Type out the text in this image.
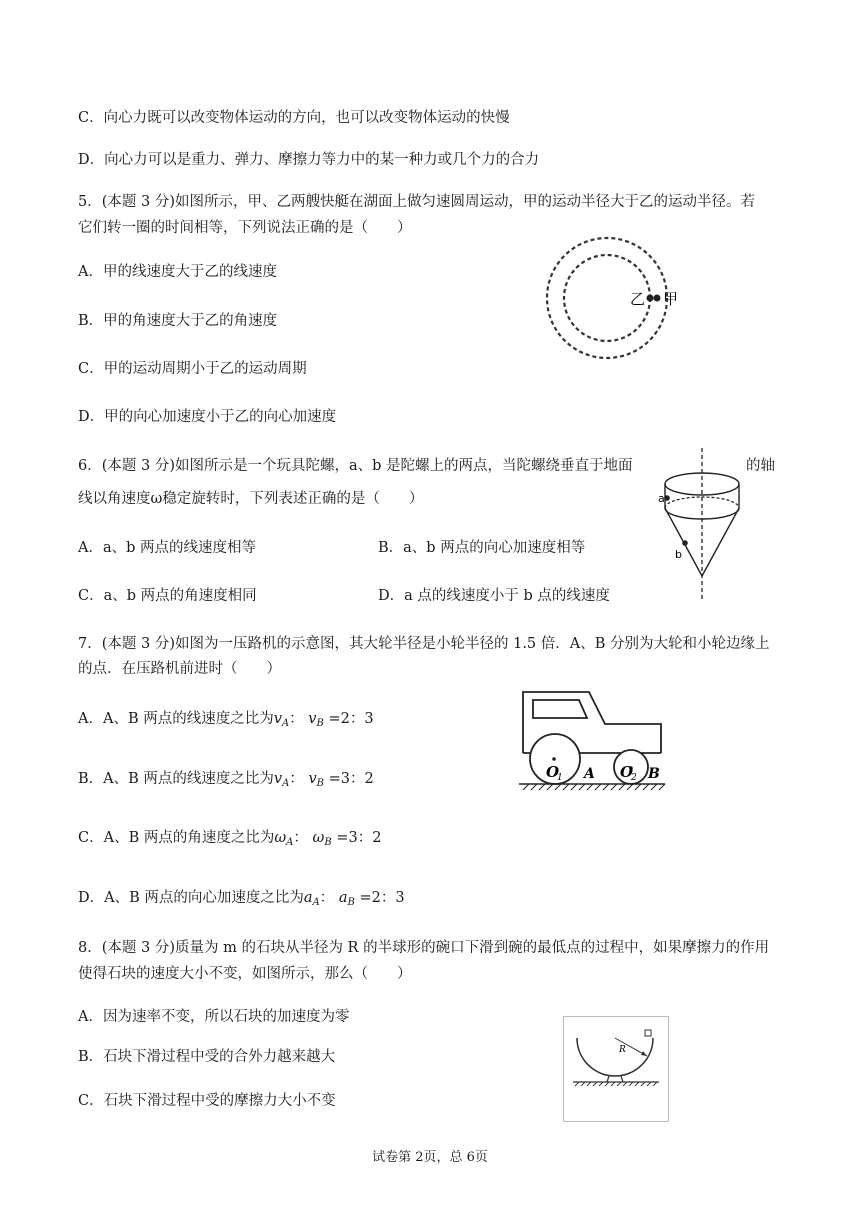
C．向心力既可以改变物体运动的方向，也可以改变物体运动的快慢
D．向心力可以是重力、弹力、摩擦力等力中的某一种力或几个力的合力
5．(本题 3 分)如图所示，甲、乙两艘快艇在湖面上做匀速圆周运动，甲的运动半径大于乙的运动半径。若
它们转一圈的时间相等，下列说法正确的是（　　）
A．甲的线速度大于乙的线速度
B．甲的角速度大于乙的角速度
C．甲的运动周期小于乙的运动周期
D．甲的向心加速度小于乙的向心加速度
乙 甲
6．(本题 3 分)如图所示是一个玩具陀螺，a、b 是陀螺上的两点，当陀螺绕垂直于地面	的轴
线以角速度ω稳定旋转时，下列表述正确的是（　　）
A．a、b 两点的线速度相等	B．a、b 两点的向心加速度相等
C．a、b 两点的角速度相同	D．a 点的线速度小于 b 点的线速度
a
b
7．(本题 3 分)如图为一压路机的示意图，其大轮半径是小轮半径的 1.5 倍．A、B 分别为大轮和小轮边缘上
的点．在压路机前进时（　　）
A．A、B 两点的线速度之比为$v_A$： $v_B =2$：3
B．A、B 两点的线速度之比为$v_A$： $v_B =3$：2
C．A、B 两点的角速度之比为$\omega_A$： $\omega_B =3$：2
D．A、B 两点的向心加速度之比为$a_A$： $a_B =2$：3
O
1 A O
2 B
8．(本题 3 分)质量为 m 的石块从半径为 R 的半球形的碗口下滑到碗的最低点的过程中，如果摩擦力的作用
使得石块的速度大小不变，如图所示，那么（　　）
A．因为速率不变，所以石块的加速度为零
B．石块下滑过程中受的合外力越来越大
C．石块下滑过程中受的摩擦力大小不变
R
试卷第 2页，总 6页
